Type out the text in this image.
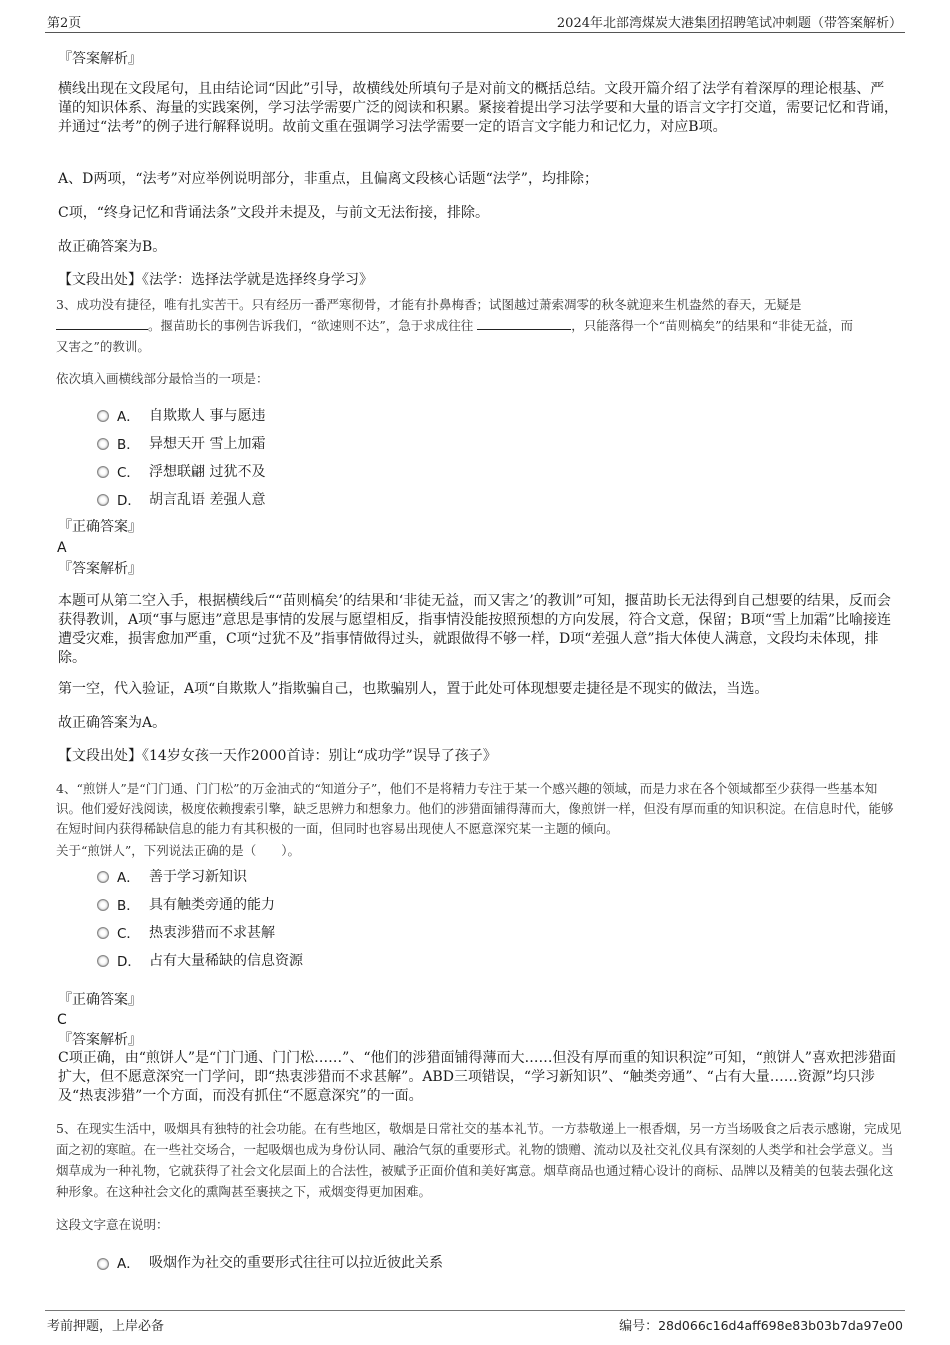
第2页	2024年北部湾煤炭大港集团招聘笔试冲刺题（带答案解析）
『答案解析』
横线出现在文段尾句，且由结论词“因此”引导，故横线处所填句子是对前文的概括总结。文段开篇介绍了法学有着深厚的理论根基、严谨的知识体系、海量的实践案例，学习法学需要广泛的阅读和积累。紧接着提出学习法学要和大量的语言文字打交道，需要记忆和背诵，并通过“法考”的例子进行解释说明。故前文重在强调学习法学需要一定的语言文字能力和记忆力，对应B项。
A、D两项，“法考”对应举例说明部分，非重点，且偏离文段核心话题“法学”，均排除；
C项，“终身记忆和背诵法条”文段并未提及，与前文无法衔接，排除。
故正确答案为B。
【文段出处】《法学：选择法学就是选择终身学习》
3、成功没有捷径，唯有扎实苦干。只有经历一番严寒彻骨，才能有扑鼻梅香；试图越过萧索凋零的秋冬就迎来生机盎然的春天，无疑是
。揠苗助长的事例告诉我们，“欲速则不达”，急于求成往往	，只能落得一个“苗则槁矣”的结果和“非徒无益，而
又害之”的教训。
依次填入画横线部分最恰当的一项是：
A． 自欺欺人 事与愿违
B． 异想天开 雪上加霜
C． 浮想联翩 过犹不及
D． 胡言乱语 差强人意
『正确答案』
A
『答案解析』
本题可从第二空入手，根据横线后““苗则槁矣’的结果和‘非徒无益，而又害之’的教训”可知，揠苗助长无法得到自己想要的结果，反而会获得教训，A项“事与愿违”意思是事情的发展与愿望相反，指事情没能按照预想的方向发展，符合文意，保留；B项“雪上加霜”比喻接连遭受灾难，损害愈加严重，C项“过犹不及”指事情做得过头，就跟做得不够一样，D项“差强人意”指大体使人满意，文段均未体现，排除。
第一空，代入验证，A项“自欺欺人”指欺骗自己，也欺骗别人，置于此处可体现想要走捷径是不现实的做法，当选。
故正确答案为A。
【文段出处】《14岁女孩一天作2000首诗：别让“成功学”误导了孩子》
4、“煎饼人”是“门门通、门门松”的万金油式的“知道分子”，他们不是将精力专注于某一个感兴趣的领域，而是力求在各个领域都至少获得一些基本知识。他们爱好浅阅读，极度依赖搜索引擎，缺乏思辨力和想象力。他们的涉猎面铺得薄而大，像煎饼一样，但没有厚而重的知识积淀。在信息时代，能够在短时间内获得稀缺信息的能力有其积极的一面，但同时也容易出现使人不愿意深究某一主题的倾向。
关于“煎饼人”，下列说法正确的是（　　）。
A． 善于学习新知识
B． 具有触类旁通的能力
C． 热衷涉猎而不求甚解
D． 占有大量稀缺的信息资源
『正确答案』
C
『答案解析』
C项正确，由“煎饼人”是“门门通、门门松……”、“他们的涉猎面铺得薄而大……但没有厚而重的知识积淀”可知，“煎饼人”喜欢把涉猎面扩大，但不愿意深究一门学问，即“热衷涉猎而不求甚解”。ABD三项错误，“学习新知识”、“触类旁通”、“占有大量……资源”均只涉及“热衷涉猎”一个方面，而没有抓住“不愿意深究”的一面。
5、在现实生活中，吸烟具有独特的社会功能。在有些地区，敬烟是日常社交的基本礼节。一方恭敬递上一根香烟，另一方当场吸食之后表示感谢，完成见面之初的寒暄。在一些社交场合，一起吸烟也成为身份认同、融洽气氛的重要形式。礼物的馈赠、流动以及社交礼仪具有深刻的人类学和社会学意义。当烟草成为一种礼物，它就获得了社会文化层面上的合法性，被赋予正面价值和美好寓意。烟草商品也通过精心设计的商标、品牌以及精美的包装去强化这种形象。在这种社会文化的熏陶甚至裹挟之下，戒烟变得更加困难。
这段文字意在说明：
A． 吸烟作为社交的重要形式往往可以拉近彼此关系
考前押题，上岸必备	编号：28d066c16d4aff698e83b03b7da97e00
